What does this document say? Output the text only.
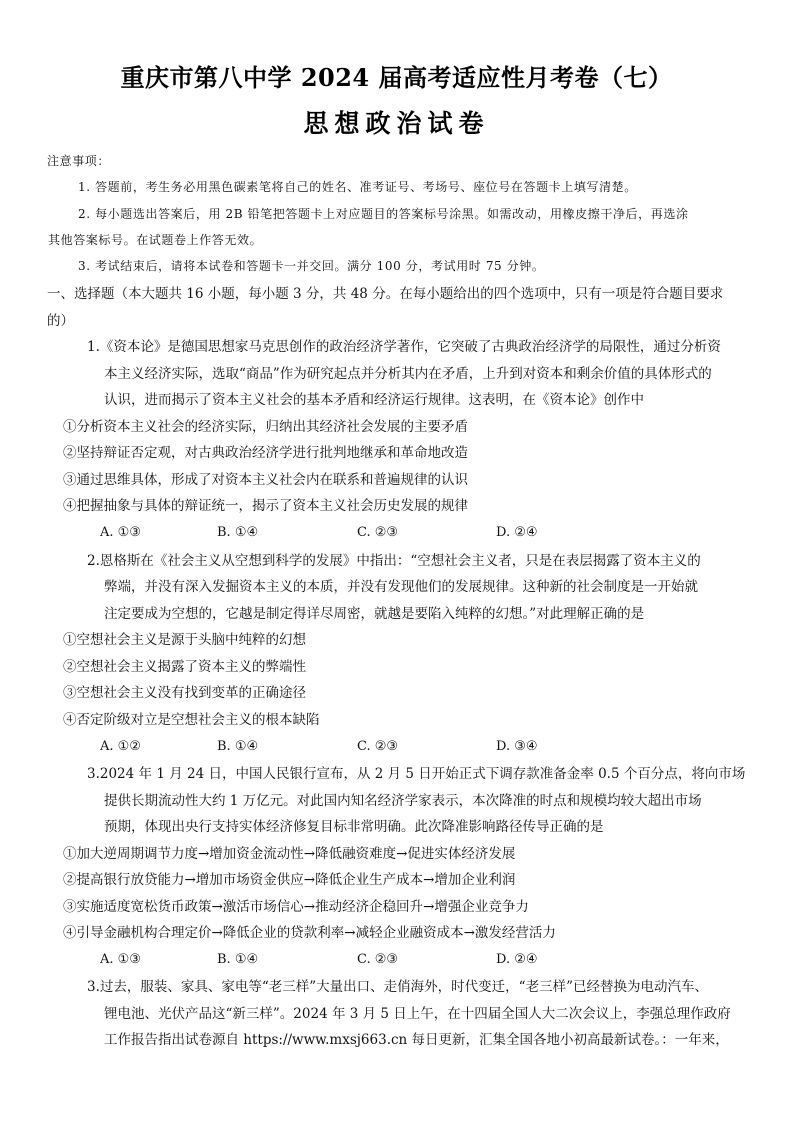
重庆市第八中学 2024 届高考适应性月考卷（七）
思想政治试卷
注意事项：
1. 答题前，考生务必用黑色碳素笔将自己的姓名、准考证号、考场号、座位号在答题卡上填写清楚。
2. 每小题选出答案后，用 2B 铅笔把答题卡上对应题目的答案标号涂黑。如需改动，用橡皮擦干净后，再选涂
其他答案标号。在试题卷上作答无效。
3. 考试结束后，请将本试卷和答题卡一并交回。满分 100 分，考试用时 75 分钟。
一、选择题（本大题共 16 小题，每小题 3 分，共 48 分。在每小题给出的四个选项中，只有一项是符合题目要求
的）
1.《资本论》是德国思想家马克思创作的政治经济学著作，它突破了古典政治经济学的局限性，通过分析资
本主义经济实际，选取“商品”作为研究起点并分析其内在矛盾，上升到对资本和剩余价值的具体形式的
认识，进而揭示了资本主义社会的基本矛盾和经济运行规律。这表明，在《资本论》创作中
①分析资本主义社会的经济实际，归纳出其经济社会发展的主要矛盾
②坚持辩证否定观，对古典政治经济学进行批判地继承和革命地改造
③通过思维具体，形成了对资本主义社会内在联系和普遍规律的认识
④把握抽象与具体的辩证统一，揭示了资本主义社会历史发展的规律
A. ①③	B. ①④	C. ②③	D. ②④
2.恩格斯在《社会主义从空想到科学的发展》中指出：“空想社会主义者，只是在表层揭露了资本主义的
弊端，并没有深入发掘资本主义的本质，并没有发现他们的发展规律。这种新的社会制度是一开始就
注定要成为空想的，它越是制定得详尽周密，就越是要陷入纯粹的幻想。”对此理解正确的是
①空想社会主义是源于头脑中纯粹的幻想
②空想社会主义揭露了资本主义的弊端性
③空想社会主义没有找到变革的正确途径
④否定阶级对立是空想社会主义的根本缺陷
A. ①②	B. ①④	C. ②③	D. ③④
3.2024 年 1 月 24 日，中国人民银行宣布，从 2 月 5 日开始正式下调存款准备金率 0.5 个百分点，将向市场
提供长期流动性大约 1 万亿元。对此国内知名经济学家表示，本次降准的时点和规模均较大超出市场
预期，体现出央行支持实体经济修复目标非常明确。此次降准影响路径传导正确的是
①加大逆周期调节力度→增加资金流动性→降低融资难度→促进实体经济发展
②提高银行放贷能力→增加市场资金供应→降低企业生产成本→增加企业利润
③实施适度宽松货币政策→激活市场信心→推动经济企稳回升→增强企业竞争力
④引导金融机构合理定价→降低企业的贷款利率→减轻企业融资成本→激发经营活力
A. ①③	B. ①④	C. ②③	D. ②④
3.过去，服装、家具、家电等“老三样”大量出口、走俏海外，时代变迁，“老三样”已经替换为电动汽车、
锂电池、光伏产品这“新三样”。2024 年 3 月 5 日上午，在十四届全国人大二次会议上，李强总理作政府
工作报告指出试卷源自 https://www.mxsj663.cn 每日更新，汇集全国各地小初高最新试卷。：一年来，
